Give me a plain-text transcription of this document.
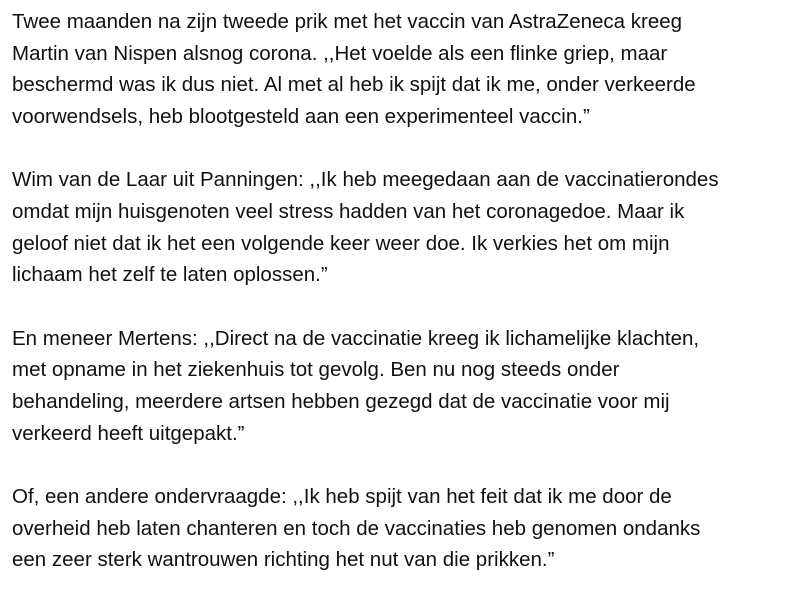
Twee maanden na zijn tweede prik met het vaccin van AstraZeneca kreeg
Martin van Nispen alsnog corona. ,,Het voelde als een flinke griep, maar
beschermd was ik dus niet. Al met al heb ik spijt dat ik me, onder verkeerde
voorwendsels, heb blootgesteld aan een experimenteel vaccin.”

Wim van de Laar uit Panningen: ,,Ik heb meegedaan aan de vaccinatierondes
omdat mijn huisgenoten veel stress hadden van het coronagedoe. Maar ik
geloof niet dat ik het een volgende keer weer doe. Ik verkies het om mijn
lichaam het zelf te laten oplossen.”

En meneer Mertens: ,,Direct na de vaccinatie kreeg ik lichamelijke klachten,
met opname in het ziekenhuis tot gevolg. Ben nu nog steeds onder
behandeling, meerdere artsen hebben gezegd dat de vaccinatie voor mij
verkeerd heeft uitgepakt.”

Of, een andere ondervraagde: ,,Ik heb spijt van het feit dat ik me door de
overheid heb laten chanteren en toch de vaccinaties heb genomen ondanks
een zeer sterk wantrouwen richting het nut van die prikken.”
